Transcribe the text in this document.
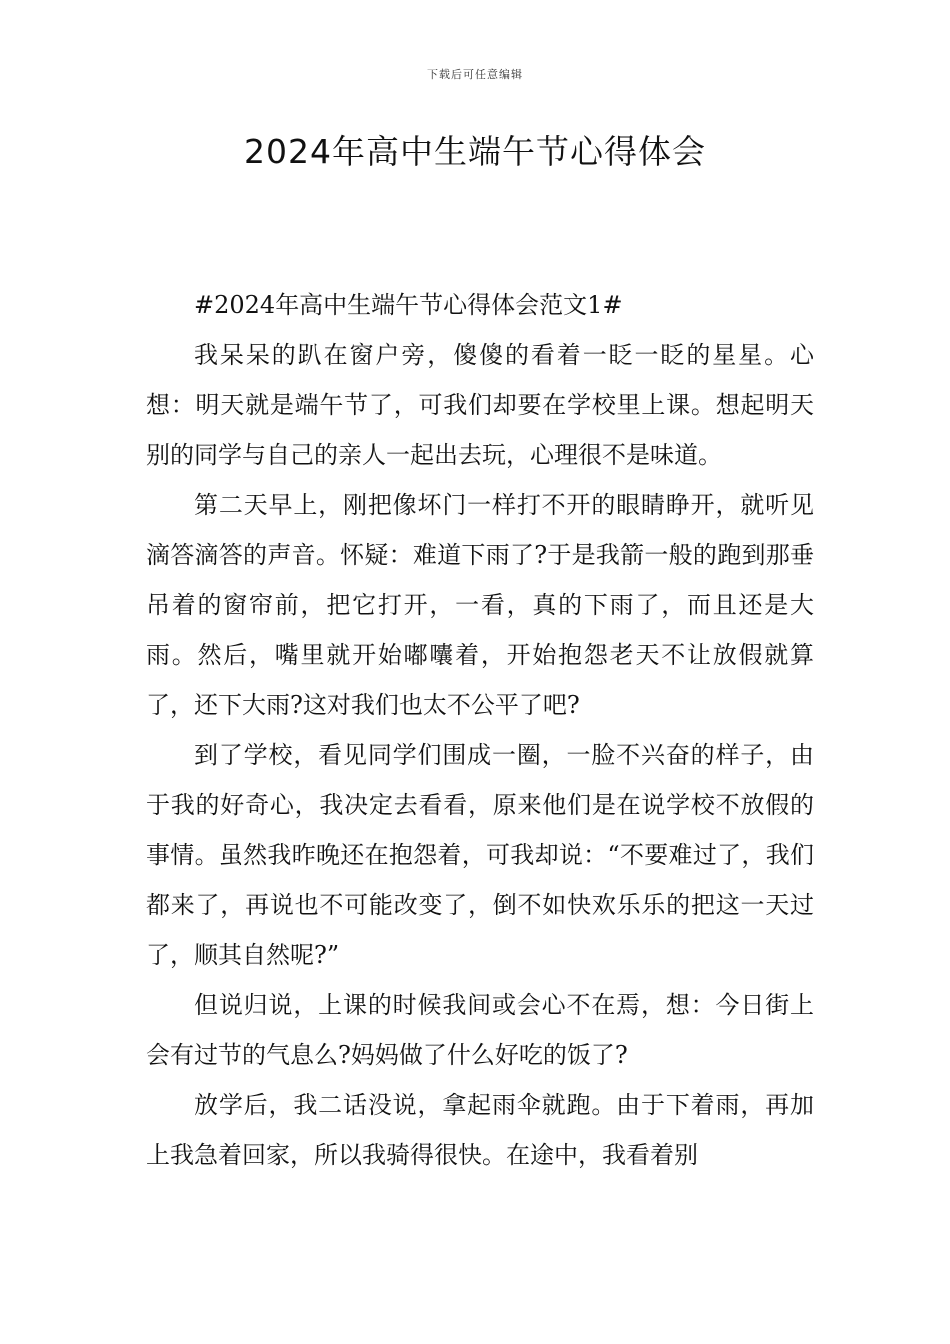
下载后可任意编辑
2024年高中生端午节心得体会

#2024年高中生端午节心得体会范文1#

我呆呆的趴在窗户旁，傻傻的看着一眨一眨的星星。心想：明天就是端午节了，可我们却要在学校里上课。想起明天别的同学与自己的亲人一起出去玩，心理很不是味道。

第二天早上，刚把像坏门一样打不开的眼睛睁开，就听见滴答滴答的声音。怀疑：难道下雨了?于是我箭一般的跑到那垂吊着的窗帘前，把它打开，一看，真的下雨了，而且还是大雨。然后，嘴里就开始嘟囔着，开始抱怨老天不让放假就算了，还下大雨?这对我们也太不公平了吧?

到了学校，看见同学们围成一圈，一脸不兴奋的样子，由于我的好奇心，我决定去看看，原来他们是在说学校不放假的事情。虽然我昨晚还在抱怨着，可我却说：“不要难过了，我们都来了，再说也不可能改变了，倒不如快欢乐乐的把这一天过了，顺其自然呢?”

但说归说，上课的时候我间或会心不在焉，想：今日街上会有过节的气息么?妈妈做了什么好吃的饭了?

放学后，我二话没说，拿起雨伞就跑。由于下着雨，再加上我急着回家，所以我骑得很快。在途中，我看着别
